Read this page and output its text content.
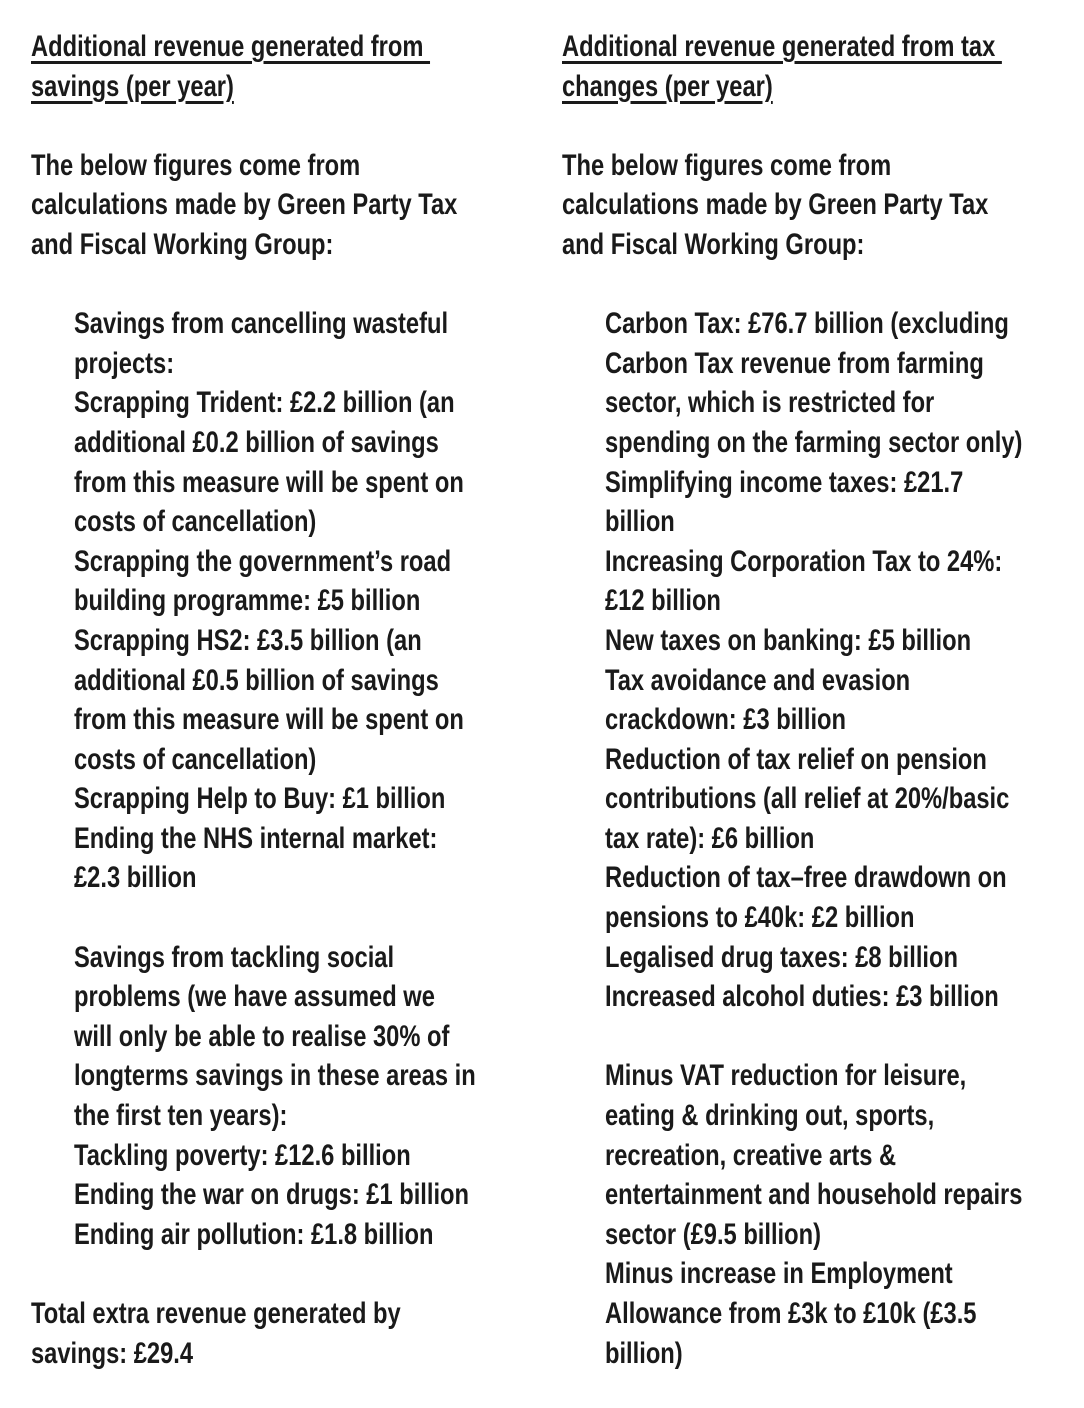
Additional revenue generated from
savings (per year)
The below figures come from
calculations made by Green Party Tax
and Fiscal Working Group:
Savings from cancelling wasteful
projects:
Scrapping Trident: £2.2 billion (an
additional £0.2 billion of savings
from this measure will be spent on
costs of cancellation)
Scrapping the government’s road
building programme: £5 billion
Scrapping HS2: £3.5 billion (an
additional £0.5 billion of savings
from this measure will be spent on
costs of cancellation)
Scrapping Help to Buy: £1 billion
Ending the NHS internal market:
£2.3 billion
Savings from tackling social
problems (we have assumed we
will only be able to realise 30% of
longterms savings in these areas in
the first ten years):
Tackling poverty: £12.6 billion
Ending the war on drugs: £1 billion
Ending air pollution: £1.8 billion
Total extra revenue generated by
savings: £29.4
Additional revenue generated from tax
changes (per year)
The below figures come from
calculations made by Green Party Tax
and Fiscal Working Group:
Carbon Tax: £76.7 billion (excluding
Carbon Tax revenue from farming
sector, which is restricted for
spending on the farming sector only)
Simplifying income taxes: £21.7
billion
Increasing Corporation Tax to 24%:
£12 billion
New taxes on banking: £5 billion
Tax avoidance and evasion
crackdown: £3 billion
Reduction of tax relief on pension
contributions (all relief at 20%/basic
tax rate): £6 billion
Reduction of tax–free drawdown on
pensions to £40k: £2 billion
Legalised drug taxes: £8 billion
Increased alcohol duties: £3 billion
Minus VAT reduction for leisure,
eating & drinking out, sports,
recreation, creative arts &
entertainment and household repairs
sector (£9.5 billion)
Minus increase in Employment
Allowance from £3k to £10k (£3.5
billion)
